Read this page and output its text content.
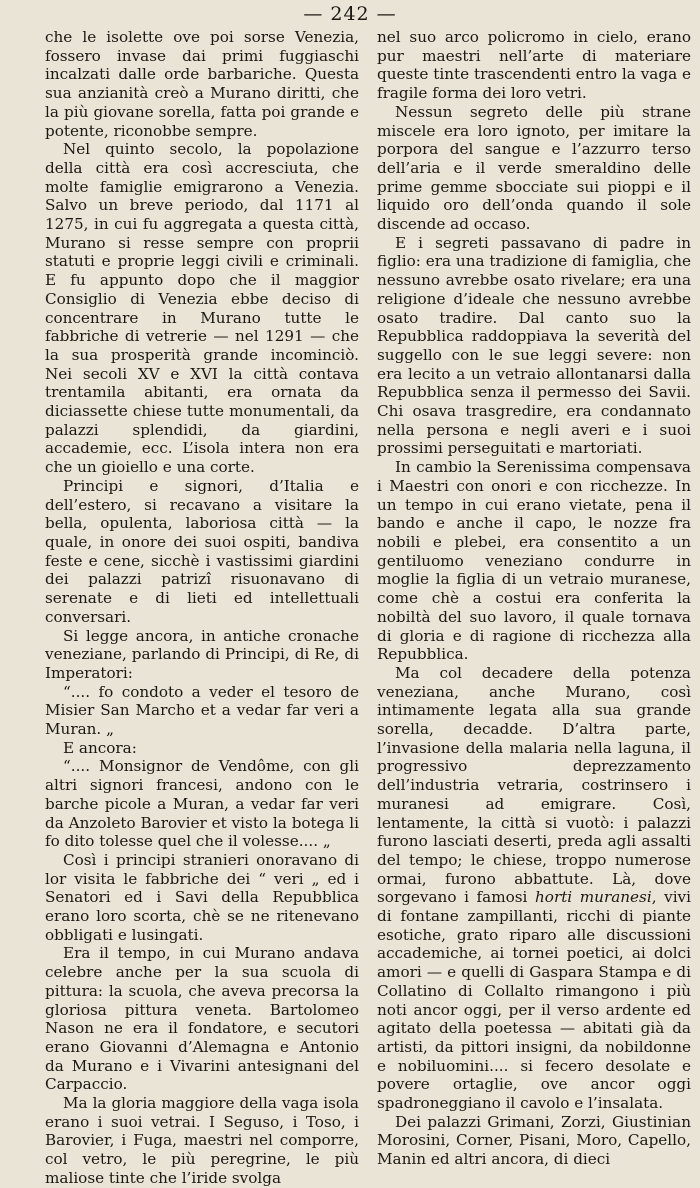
— 242 —

che le isolette ove poi sorse Venezia, fossero invase dai primi fuggiaschi incalzati dalle orde barbariche. Questa sua anzianità creò a Murano diritti, che la più giovane sorella, fatta poi grande e potente, riconobbe sempre.

Nel quinto secolo, la popolazione della città era così accresciuta, che molte famiglie emigrarono a Venezia. Salvo un breve periodo, dal 1171 al 1275, in cui fu aggregata a questa città, Murano si resse sempre con proprii statuti e proprie leggi civili e criminali. E fu appunto dopo che il maggior Consiglio di Venezia ebbe deciso di concentrare in Murano tutte le fabbriche di vetrerie — nel 1291 — che la sua prosperità grande incominciò. Nei secoli XV e XVI la città contava trentamila abitanti, era ornata da diciassette chiese tutte monumentali, da palazzi splendidi, da giardini, accademie, ecc. L’isola intera non era che un gioiello e una corte.

Principi e signori, d’Italia e dell’estero, si recavano a visitare la bella, opulenta, laboriosa città — la quale, in onore dei suoi ospiti, bandiva feste e cene, sicchè i vastissimi giardini dei palazzi patrizî risuonavano di serenate e di lieti ed intellettuali conversari.

Si legge ancora, in antiche cronache veneziane, parlando di Principi, di Re, di Imperatori:

“.... fo condoto a veder el tesoro de Misier San Marcho et a vedar far veri a Muran. „

E ancora:

“.... Monsignor de Vendôme, con gli altri signori francesi, andono con le barche picole a Muran, a vedar far veri da Anzoleto Barovier et visto la botega li fo dito tolesse quel che il volesse.... „

Così i principi stranieri onoravano di lor visita le fabbriche dei “ veri „ ed i Senatori ed i Savi della Repubblica erano loro scorta, chè se ne ritenevano obbligati e lusingati.

Era il tempo, in cui Murano andava celebre anche per la sua scuola di pittura: la scuola, che aveva precorsa la gloriosa pittura veneta. Bartolomeo Nason ne era il fondatore, e secutori erano Giovanni d’Alemagna e Antonio da Murano e i Vivarini antesignani del Carpaccio.

Ma la gloria maggiore della vaga isola erano i suoi vetrai. I Seguso, i Toso, i Barovier, i Fuga, maestri nel comporre, col vetro, le più peregrine, le più maliose tinte che l’iride svolga

nel suo arco policromo in cielo, erano pur maestri nell’arte di materiare queste tinte trascendenti entro la vaga e fragile forma dei loro vetri.

Nessun segreto delle più strane miscele era loro ignoto, per imitare la porpora del sangue e l’azzurro terso dell’aria e il verde smeraldino delle prime gemme sbocciate sui pioppi e il liquido oro dell’onda quando il sole discende ad occaso.

E i segreti passavano di padre in figlio: era una tradizione di famiglia, che nessuno avrebbe osato rivelare; era una religione d’ideale che nessuno avrebbe osato tradire. Dal canto suo la Repubblica raddoppiava la severità del suggello con le sue leggi severe: non era lecito a un vetraio allontanarsi dalla Repubblica senza il permesso dei Savii. Chi osava trasgredire, era condannato nella persona e negli averi e i suoi prossimi perseguitati e martoriati.

In cambio la Serenissima compensava i Maestri con onori e con ricchezze. In un tempo in cui erano vietate, pena il bando e anche il capo, le nozze fra nobili e plebei, era consentito a un gentiluomo veneziano condurre in moglie la figlia di un vetraio muranese, come chè a costui era conferita la nobiltà del suo lavoro, il quale tornava di gloria e di ragione di ricchezza alla Repubblica.

Ma col decadere della potenza veneziana, anche Murano, così intimamente legata alla sua grande sorella, decadde. D’altra parte, l’invasione della malaria nella laguna, il progressivo deprezzamento dell’industria vetraria, costrinsero i muranesi ad emigrare. Così, lentamente, la città si vuotò: i palazzi furono lasciati deserti, preda agli assalti del tempo; le chiese, troppo numerose ormai, furono abbattute. Là, dove sorgevano i famosi horti muranesi, vivi di fontane zampillanti, ricchi di piante esotiche, grato riparo alle discussioni accademiche, ai tornei poetici, ai dolci amori — e quelli di Gaspara Stampa e di Collatino di Collalto rimangono i più noti ancor oggi, per il verso ardente ed agitato della poetessa — abitati già da artisti, da pittori insigni, da nobildonne e nobiluomini.... si fecero desolate e povere ortaglie, ove ancor oggi spadroneggiano il cavolo e l’insalata.

Dei palazzi Grimani, Zorzi, Giustinian Morosini, Corner, Pisani, Moro, Capello, Manin ed altri ancora, di dieci
